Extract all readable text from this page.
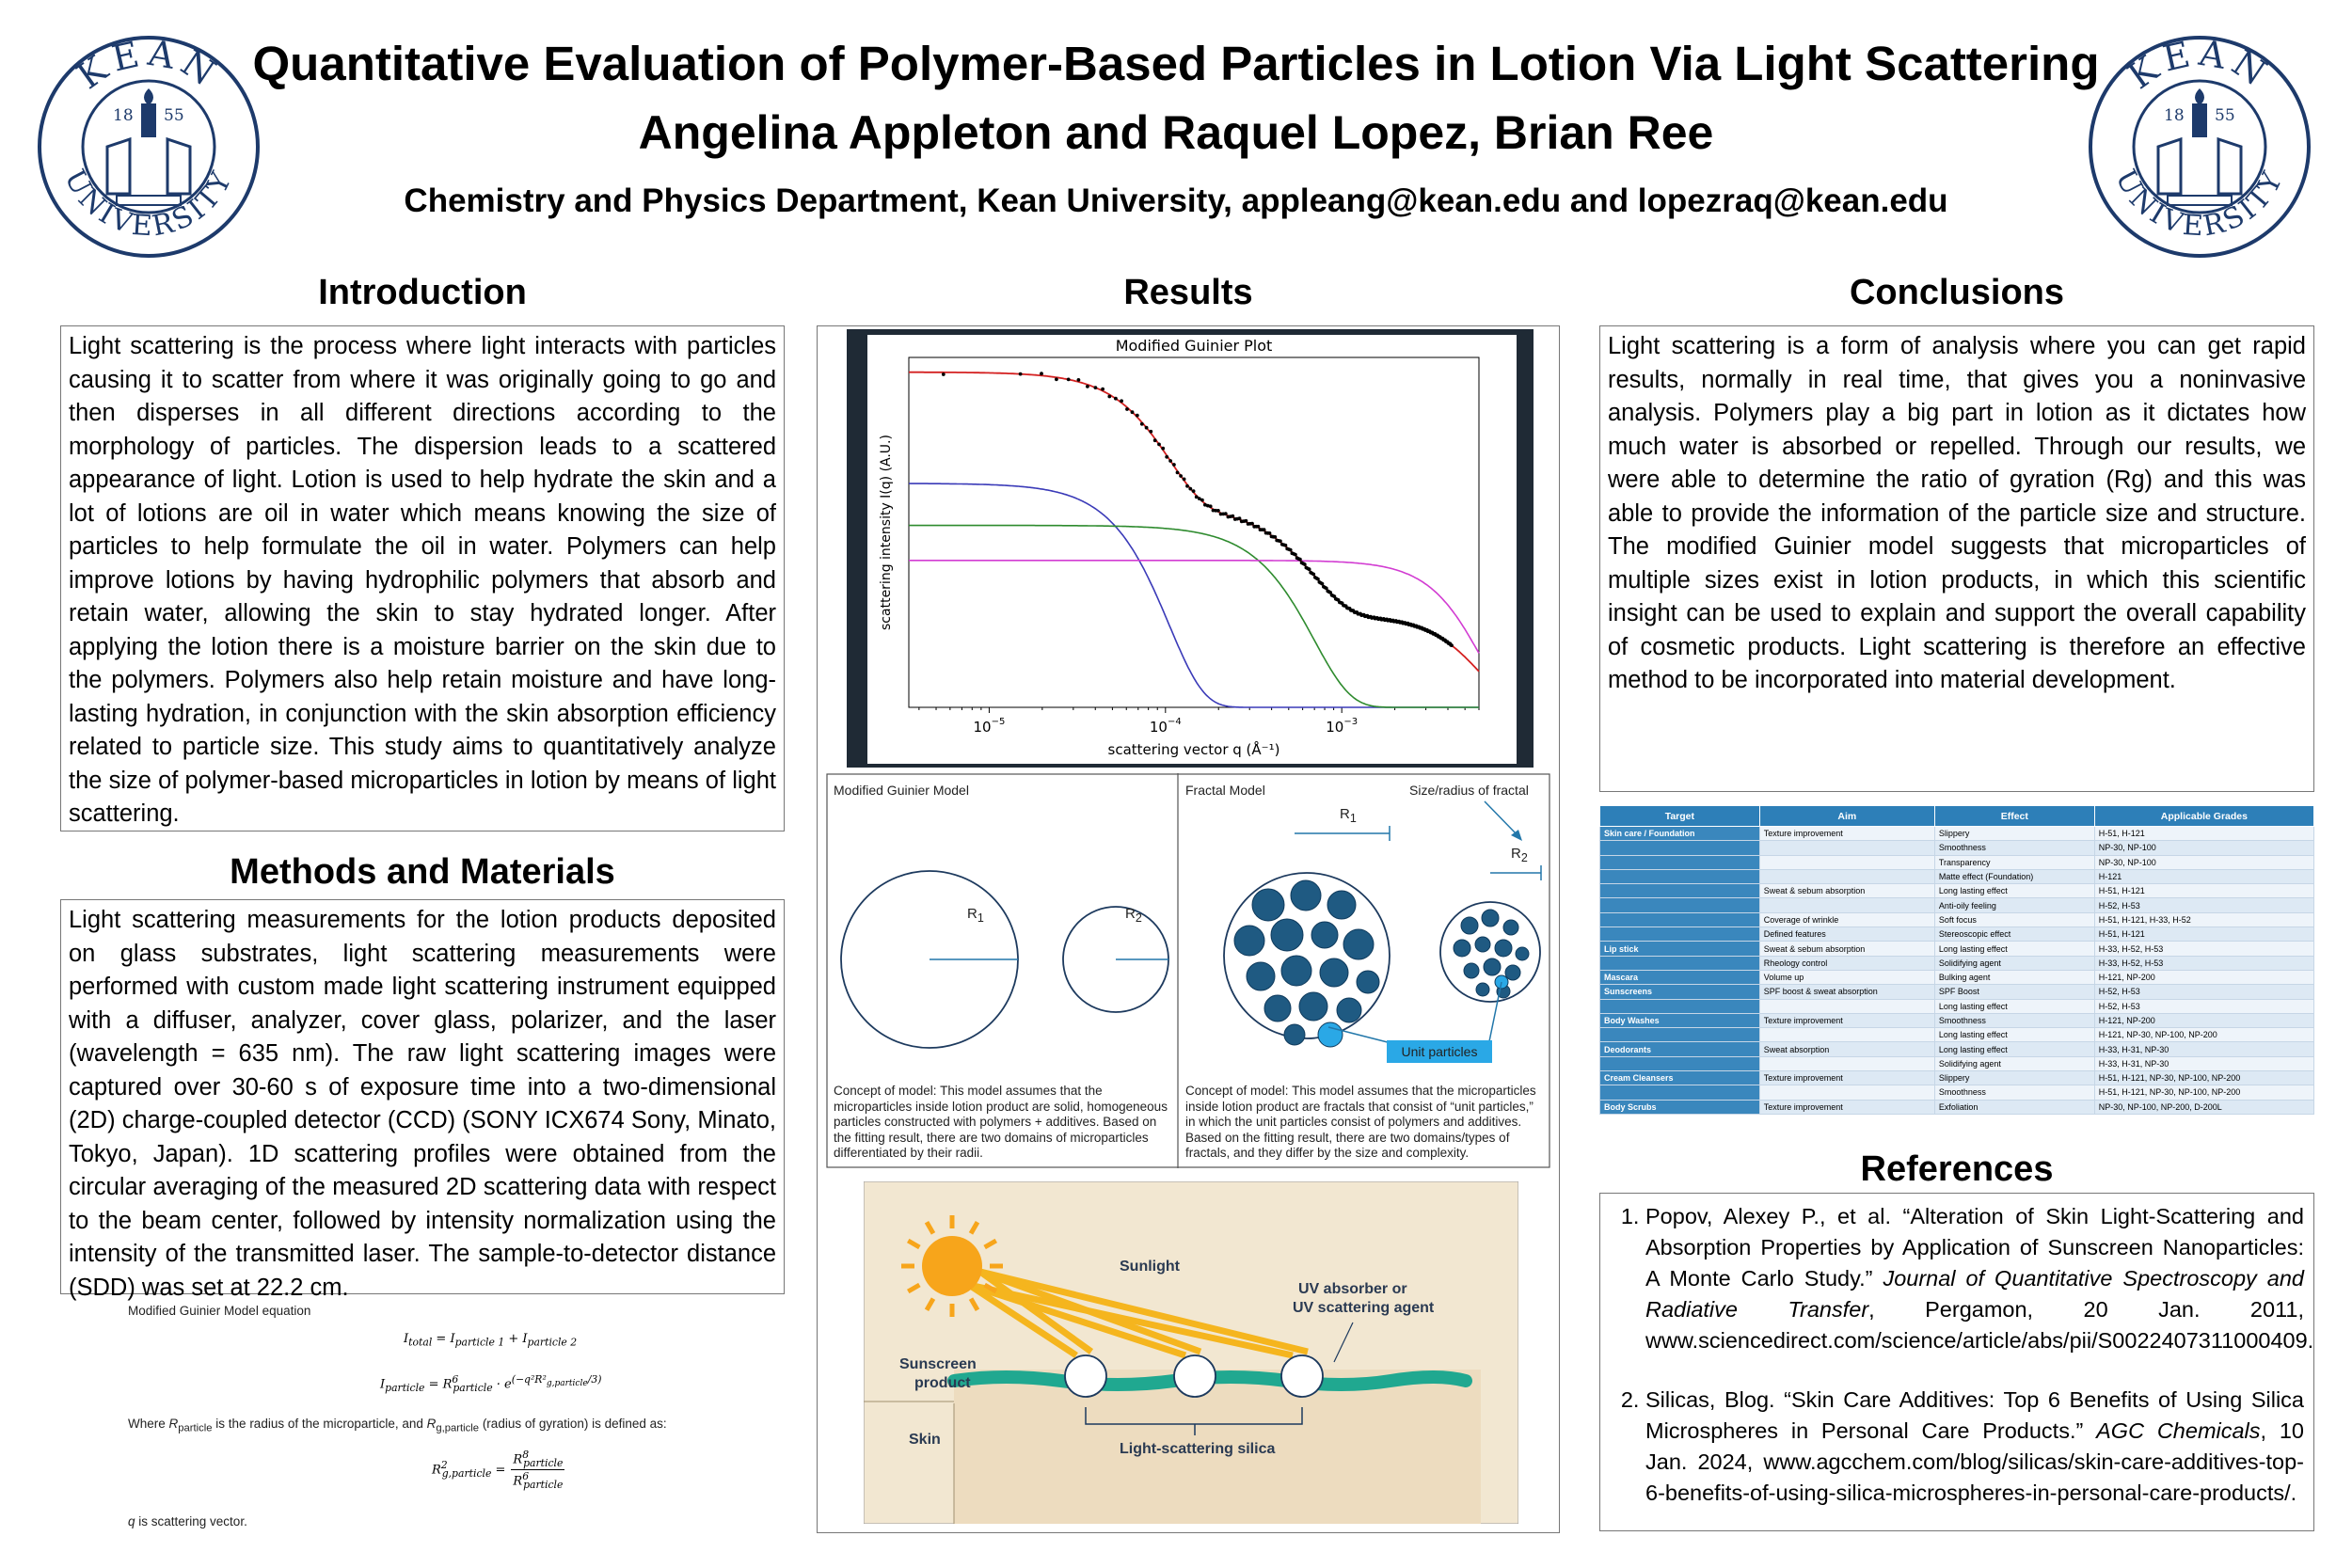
KEAN
UNIVERSITY
18 55
KEAN
UNIVERSITY
18 55
Quantitative Evaluation of Polymer-Based Particles in Lotion Via Light Scattering
Angelina Appleton and Raquel Lopez, Brian Ree
Chemistry and Physics Department, Kean University, appleang@kean.edu and lopezraq@kean.edu
Introduction
Light scattering is the process where light interacts with particles causing it to scatter from where it was originally going to go and then disperses in all different directions according to the morphology of particles. The dispersion leads to a scattered appearance of light. Lotion is used to help hydrate the skin and a lot of lotions are oil in water which means knowing the size of particles to help formulate the oil in water. Polymers can help improve lotions by having hydrophilic polymers that absorb and retain water, allowing the skin to stay hydrated longer. After applying the lotion there is a moisture barrier on the skin due to the polymers. Polymers also help retain moisture and have long-lasting hydration, in conjunction with the skin absorption efficiency related to particle size. This study aims to quantitatively analyze the size of polymer-based microparticles in lotion by means of light scattering.
Methods and Materials
Light scattering measurements for the lotion products deposited on glass substrates, light scattering measurements were performed with custom made light scattering instrument equipped with a diffuser, analyzer, cover glass, polarizer, and the laser (wavelength = 635 nm). The raw light scattering images were captured over 30-60 s of exposure time into a two-dimensional (2D) charge-coupled detector (CCD) (SONY ICX674 Sony, Minato, Tokyo, Japan). 1D scattering profiles were obtained from the circular averaging of the measured 2D scattering data with respect to the beam center, followed by intensity normalization using the intensity of the transmitted laser. The sample-to-detector distance (SDD) was set at 22.2 cm.
Modified Guinier Model equation
$I_{total} = I_{particle 1} + I_{particle 2}$
$I_{particle} = R^6_{particle} \cdot e^{(-q^2R^2_{g,particle}/3)}$
Where $R_{particle}$ is the radius of the microparticle, and $R_{g,particle}$ (radius of gyration) is defined as:
$R^2_{g,particle}$ =
$R^8_{particle}$
$R^6_{particle}$
q is scattering vector.
Results
Modified Guinier Plot
scattering vector q (Å⁻¹)
scattering intensity I(q) (A.U.)
$10^{-5}$	$10^{-4}$	$10^{-3}$
Modified Guinier Model	Fractal Model	Size/radius of fractal
$R_1$	$R_2$
$R_1$
$R_2$
Unit particles
Concept of model: This model assumes that the microparticles inside lotion product are solid, homogeneous particles constructed with polymers + additives. Based on the fitting result, there are two domains of microparticles differentiated by their radii.
Concept of model: This model assumes that the microparticles inside lotion product are fractals that consist of “unit particles,” in which the unit particles consist of polymers and additives. Based on the fitting result, there are two domains/types of fractals, and they differ by the size and complexity.
Sunlight
UV absorber or
UV scattering agent
Sunscreen
product
Skin
Light-scattering silica
Conclusions
Light scattering is a form of analysis where you can get rapid results, normally in real time, that gives you a noninvasive analysis. Polymers play a big part in lotion as it dictates how much water is absorbed or repelled. Through our results, we were able to determine the ratio of gyration (Rg) and this was able to provide the information of the particle size and structure. The modified Guinier model suggests that microparticles of multiple sizes exist in lotion products, in which this scientific insight can be used to explain and support the overall capability of cosmetic products. Light scattering is therefore an effective method to be incorporated into material development.
Target	Aim	Effect	Applicable Grades
Skin care / Foundation	Texture improvement	Slippery	H-51, H-121
		Smoothness	NP-30, NP-100
		Transparency	NP-30, NP-100
		Matte effect (Foundation)	H-121
	Sweat & sebum absorption	Long lasting effect	H-51, H-121
		Anti-oily feeling	H-52, H-53
	Coverage of wrinkle	Soft focus	H-51, H-121, H-33, H-52
	Defined features	Stereoscopic effect	H-51, H-121
Lip stick	Sweat & sebum absorption	Long lasting effect	H-33, H-52, H-53
	Rheology control	Solidifying agent	H-33, H-52, H-53
Mascara	Volume up	Bulking agent	H-121, NP-200
Sunscreens	SPF boost & sweat absorption	SPF Boost	H-52, H-53
		Long lasting effect	H-52, H-53
Body Washes	Texture improvement	Smoothness	H-121, NP-200
		Long lasting effect	H-121, NP-30, NP-100, NP-200
Deodorants	Sweat absorption	Long lasting effect	H-33, H-31, NP-30
		Solidifying agent	H-33, H-31, NP-30
Cream Cleansers	Texture improvement	Slippery	H-51, H-121, NP-30, NP-100, NP-200
		Smoothness	H-51, H-121, NP-30, NP-100, NP-200
Body Scrubs	Texture improvement	Exfoliation	NP-30, NP-100, NP-200, D-200L
References
1. Popov, Alexey P., et al. “Alteration of Skin Light-Scattering and Absorption Properties by Application of Sunscreen Nanoparticles: A Monte Carlo Study.” Journal of Quantitative Spectroscopy and Radiative Transfer, Pergamon, 20 Jan. 2011, www.sciencedirect.com/science/article/abs/pii/S0022407311000409.
2. Silicas, Blog. “Skin Care Additives: Top 6 Benefits of Using Silica Microspheres in Personal Care Products.” AGC Chemicals, 10 Jan. 2024, www.agcchem.com/blog/silicas/skin-care-additives-top-6-benefits-of-using-silica-microspheres-in-personal-care-products/.
